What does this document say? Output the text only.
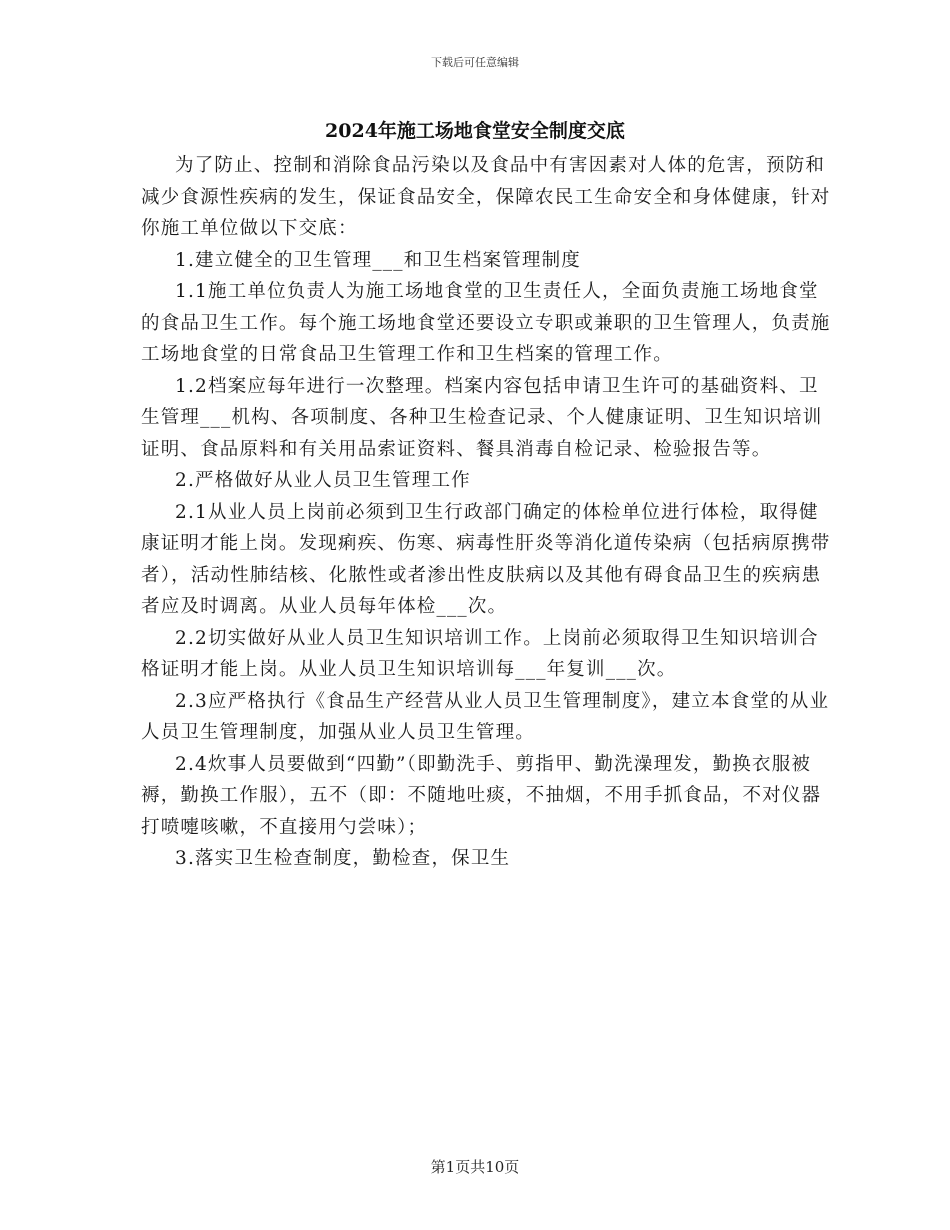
下载后可任意编辑
2024年施工场地食堂安全制度交底

为了防止、控制和消除食品污染以及食品中有害因素对人体的危害，预防和减少食源性疾病的发生，保证食品安全，保障农民工生命安全和身体健康，针对你施工单位做以下交底：

1.建立健全的卫生管理___和卫生档案管理制度

1.1施工单位负责人为施工场地食堂的卫生责任人，全面负责施工场地食堂的食品卫生工作。每个施工场地食堂还要设立专职或兼职的卫生管理人，负责施工场地食堂的日常食品卫生管理工作和卫生档案的管理工作。

1.2档案应每年进行一次整理。档案内容包括申请卫生许可的基础资料、卫生管理___机构、各项制度、各种卫生检查记录、个人健康证明、卫生知识培训证明、食品原料和有关用品索证资料、餐具消毒自检记录、检验报告等。

2.严格做好从业人员卫生管理工作

2.1从业人员上岗前必须到卫生行政部门确定的体检单位进行体检，取得健康证明才能上岗。发现痢疾、伤寒、病毒性肝炎等消化道传染病（包括病原携带者），活动性肺结核、化脓性或者渗出性皮肤病以及其他有碍食品卫生的疾病患者应及时调离。从业人员每年体检___次。

2.2切实做好从业人员卫生知识培训工作。上岗前必须取得卫生知识培训合格证明才能上岗。从业人员卫生知识培训每___年复训___次。

2.3应严格执行《食品生产经营从业人员卫生管理制度》，建立本食堂的从业人员卫生管理制度，加强从业人员卫生管理。

2.4炊事人员要做到“四勤”（即勤洗手、剪指甲、勤洗澡理发，勤换衣服被褥，勤换工作服），五不（即：不随地吐痰，不抽烟，不用手抓食品，不对仪器打喷嚏咳嗽，不直接用勺尝味）；

3.落实卫生检查制度，勤检查，保卫生

第1页共10页
